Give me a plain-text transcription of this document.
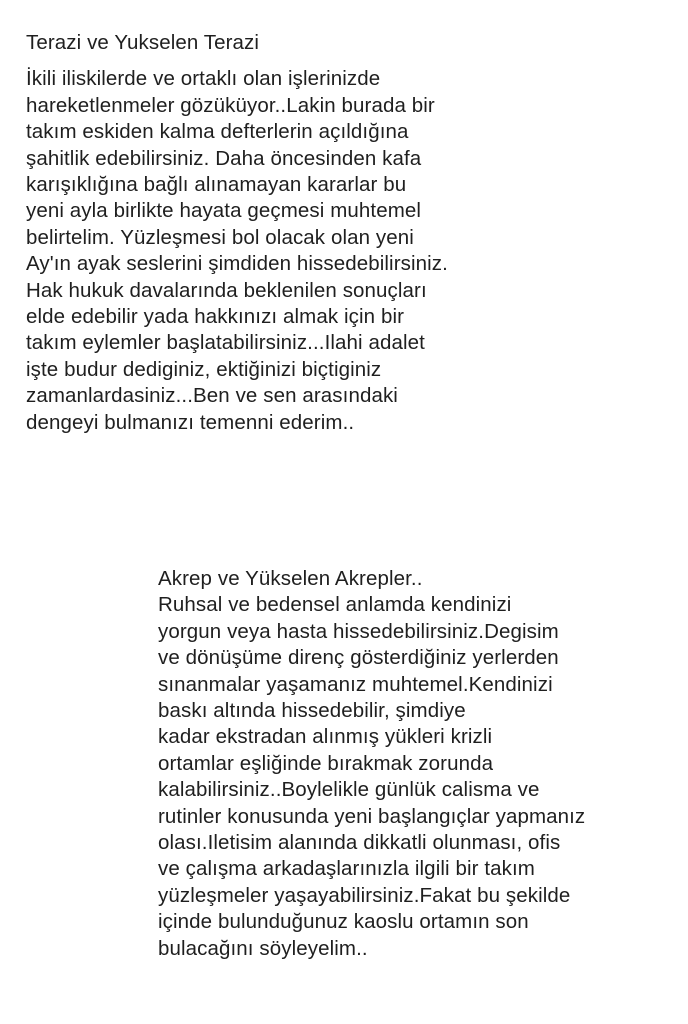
Terazi ve Yukselen Terazi
İkili iliskilerde ve ortaklı olan işlerinizde
hareketlenmeler gözüküyor..Lakin burada bir
takım eskiden kalma defterlerin açıldığına
şahitlik edebilirsiniz. Daha öncesinden kafa
karışıklığına bağlı alınamayan kararlar bu
yeni ayla birlikte hayata geçmesi muhtemel
belirtelim. Yüzleşmesi bol olacak olan yeni
Ay'ın ayak seslerini şimdiden hissedebilirsiniz.
Hak hukuk davalarında beklenilen sonuçları
elde edebilir yada hakkınızı almak için bir
takım eylemler başlatabilirsiniz...Ilahi adalet
işte budur dediginiz, ektiğinizi biçtiginiz
zamanlardasiniz...Ben ve sen arasındaki
dengeyi bulmanızı temenni ederim..
Akrep ve Yükselen Akrepler..
Ruhsal ve bedensel anlamda kendinizi
yorgun veya hasta hissedebilirsiniz.Degisim
ve dönüşüme direnç gösterdiğiniz yerlerden
sınanmalar yaşamanız muhtemel.Kendinizi
baskı altında hissedebilir, şimdiye
kadar ekstradan alınmış yükleri krizli
ortamlar eşliğinde bırakmak zorunda
kalabilirsiniz..Boylelikle günlük calisma ve
rutinler konusunda yeni başlangıçlar yapmanız
olası.Iletisim alanında dikkatli olunması, ofis
ve çalışma arkadaşlarınızla ilgili bir takım
yüzleşmeler yaşayabilirsiniz.Fakat bu şekilde
içinde bulunduğunuz kaoslu ortamın son
bulacağını söyleyelim..
